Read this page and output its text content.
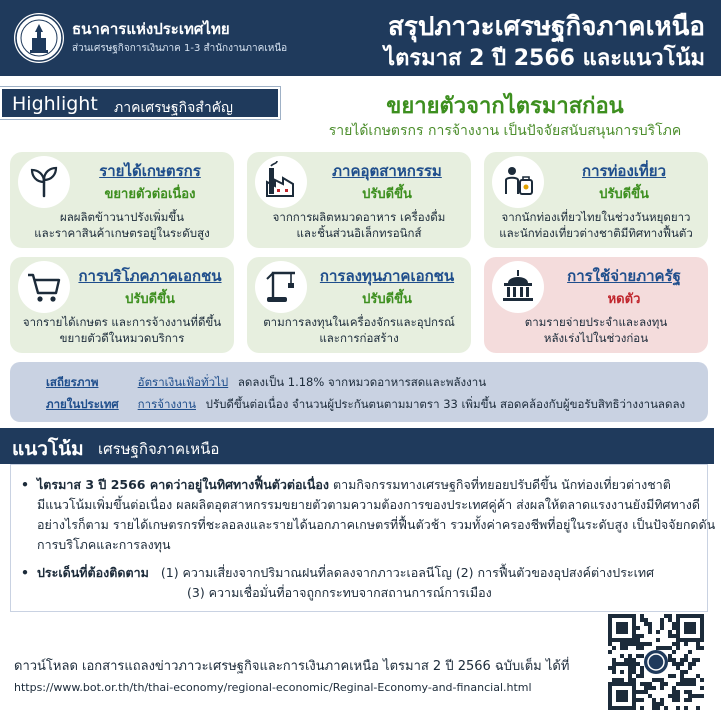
ธนาคารแห่งประเทศไทย
ส่วนเศรษฐกิจการเงินภาค 1-3 สำนักงานภาคเหนือ
สรุปภาวะเศรษฐกิจภาคเหนือ
ไตรมาส 2 ปี 2566 และแนวโน้ม
Highlight ภาคเศรษฐกิจสำคัญ	ขยายตัวจากไตรมาสก่อน
รายได้เกษตรกร การจ้างงาน เป็นปัจจัยสนับสนุนการบริโภค
รายได้เกษตรกร
ขยายตัวต่อเนื่อง
ผลผลิตข้าวนาปรังเพิ่มขึ้น
และราคาสินค้าเกษตรอยู่ในระดับสูง
ภาคอุตสาหกรรม
ปรับดีขึ้น
จากการผลิตหมวดอาหาร เครื่องดื่ม
และชิ้นส่วนอิเล็กทรอนิกส์
การท่องเที่ยว
ปรับดีขึ้น
จากนักท่องเที่ยวไทยในช่วงวันหยุดยาว
และนักท่องเที่ยวต่างชาติมีทิศทางฟื้นตัว
การบริโภคภาคเอกชน
ปรับดีขึ้น
จากรายได้เกษตร และการจ้างงานที่ดีขึ้น
ขยายตัวดีในหมวดบริการ
การลงทุนภาคเอกชน
ปรับดีขึ้น
ตามการลงทุนในเครื่องจักรและอุปกรณ์
และการก่อสร้าง
การใช้จ่ายภาครัฐ
หดตัว
ตามรายจ่ายประจำและลงทุน
หลังเร่งไปในช่วงก่อน
เสถียรภาพ	อัตราเงินเฟ้อทั่วไป ลดลงเป็น 1.18% จากหมวดอาหารสดและพลังงาน
ภายในประเทศ การจ้างงาน ปรับดีขึ้นต่อเนื่อง จำนวนผู้ประกันตนตามมาตรา 33 เพิ่มขึ้น สอดคล้องกับผู้ขอรับสิทธิว่างงานลดลง
แนวโน้ม เศรษฐกิจภาคเหนือ
• ไตรมาส 3 ปี 2566 คาดว่าอยู่ในทิศทางฟื้นตัวต่อเนื่อง ตามกิจกรรมทางเศรษฐกิจที่ทยอยปรับดีขึ้น นักท่องเที่ยวต่างชาติ
มีแนวโน้มเพิ่มขึ้นต่อเนื่อง ผลผลิตอุตสาหกรรมขยายตัวตามความต้องการของประเทศคู่ค้า ส่งผลให้ตลาดแรงงานยังมีทิศทางดี
อย่างไรก็ตาม รายได้เกษตรกรที่ชะลอลงและรายได้นอกภาคเกษตรที่ฟื้นตัวช้า รวมทั้งค่าครองชีพที่อยู่ในระดับสูง เป็นปัจจัยกดดัน
การบริโภคและการลงทุน
• ประเด็นที่ต้องติดตาม (1) ความเสี่ยงจากปริมาณฝนที่ลดลงจากภาวะเอลนีโญ (2) การฟื้นตัวของอุปสงค์ต่างประเทศ
(3) ความเชื่อมั่นที่อาจถูกกระทบจากสถานการณ์การเมือง
ดาวน์โหลด เอกสารแถลงข่าวภาวะเศรษฐกิจและการเงินภาคเหนือ ไตรมาส 2 ปี 2566 ฉบับเต็ม ได้ที่
https://www.bot.or.th/th/thai-economy/regional-economic/Reginal-Economy-and-financial.html
